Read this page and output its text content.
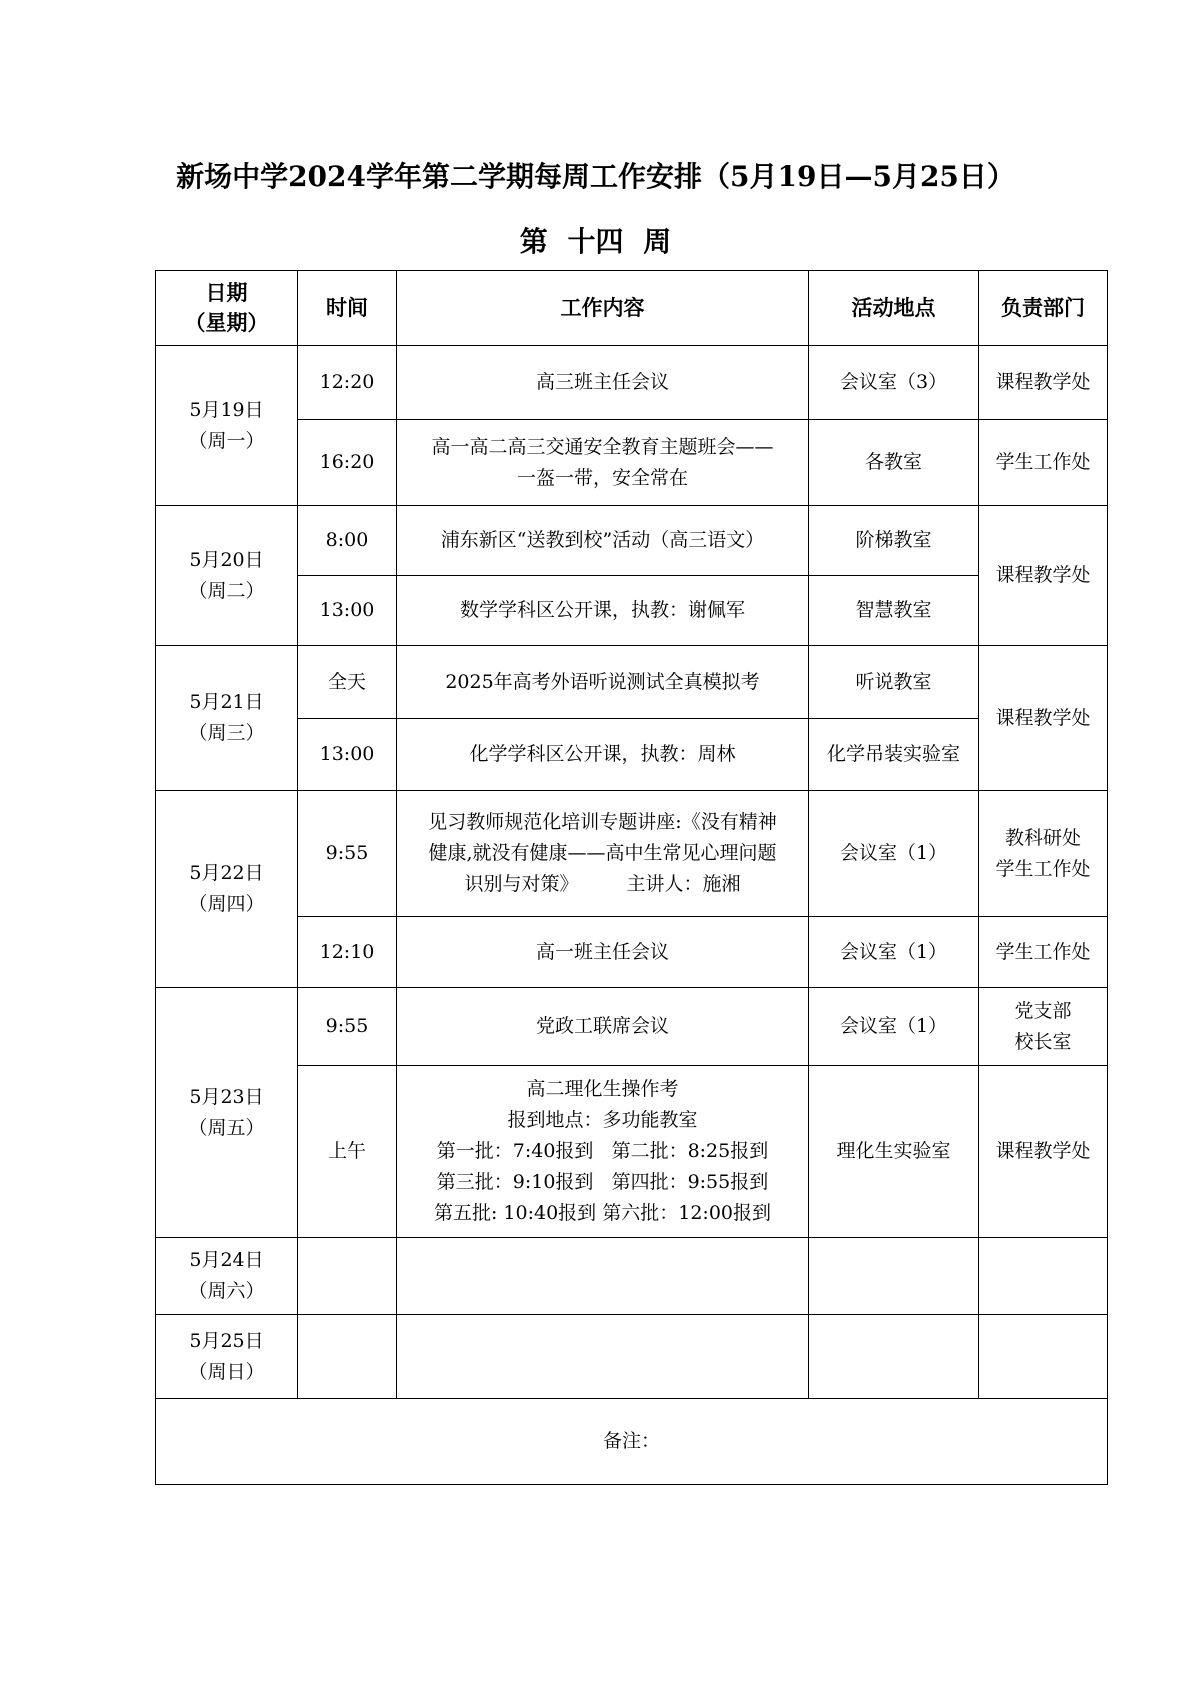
新场中学2024学年第二学期每周工作安排（5月19日—5月25日）
第 十四 周
日期
（星期）	时间	工作内容	活动地点	负责部门
5月19日
（周一）	12:20	高三班主任会议	会议室（3）	课程教学处
	16:20	高一高二高三交通安全教育主题班会——
一盔一带，安全常在	各教室	学生工作处
5月20日
（周二）	8:00	浦东新区“送教到校”活动（高三语文）	阶梯教室	课程教学处
	13:00	数学学科区公开课，执教：谢佩军	智慧教室	
5月21日
（周三）	全天	2025年高考外语听说测试全真模拟考	听说教室	课程教学处
	13:00	化学学科区公开课，执教：周林	化学吊装实验室	
5月22日
（周四）	9:55	见习教师规范化培训专题讲座:《没有精神
健康,就没有健康——高中生常见心理问题
识别与对策》 主讲人：施湘	会议室（1）	教科研处
学生工作处
	12:10	高一班主任会议	会议室（1）	学生工作处
5月23日
（周五）	9:55	党政工联席会议	会议室（1）	党支部
校长室
	上午	高二理化生操作考
报到地点：多功能教室
第一批：7:40报到 第二批：8:25报到
第三批：9:10报到 第四批：9:55报到
第五批: 10:40报到 第六批：12:00报到	理化生实验室	课程教学处
5月24日
（周六）				
5月25日
（周日）				
备注：				
